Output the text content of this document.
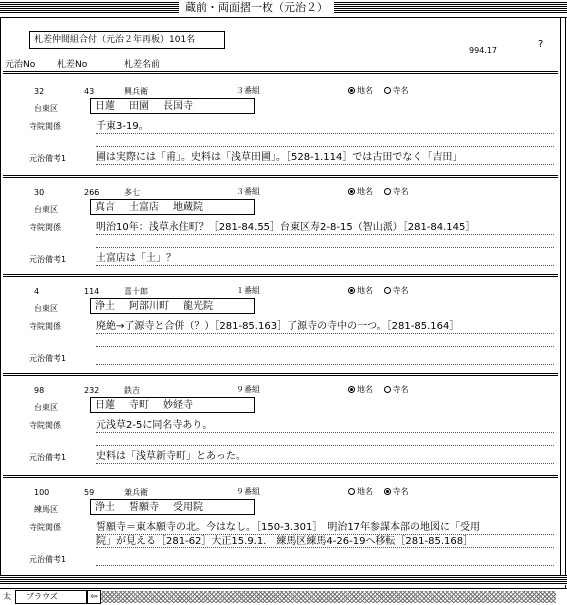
蔵前・両面摺一枚（元治２）
札差仲間組合付（元治２年再板）101名
994.17
?
元治No 札差No	札差名前
32	43	興兵衛	３番組	地名 寺名
台東区	日蓮 田園 長国寺
寺院関係	千東3-19。
元治備考1	圃は実際には「甫」。史料は「浅草田圃」。［528-1.114］では古田でなく「吉田」
30	266	多七	３番組	地名 寺名
台東区	真言 土富店 地蔵院
寺院関係	明治10年：浅草永住町？［281-84.55］台東区寿2-8-15（智山派）［281-84.145］
元治備考1	土富店は「土」？
4	114	喜十郎	１番組	地名 寺名
台東区	浄土 阿部川町 龍光院
寺院関係	廃絶→了源寺と合併（？）［281-85.163］了源寺の寺中の一つ。［281-85.164］
元治備考1
98	232	鉄吉	９番組	地名 寺名
台東区	日蓮 寺町 妙経寺
寺院関係	元浅草2-5に同名寺あり。
元治備考1	史料は「浅草新寺町」とあった。
100	59	兼兵衛	９番組	地名 寺名
練馬区	浄土 誓願寺 受用院
寺院関係	誓願寺＝東本願寺の北。今はなし。［150-3.301］　明治17年参謀本部の地図に「受用
院」が見える［281-62］大正15.9.1.　練馬区練馬4-26-19へ移転［281-85.168］
元治備考1
太 ブラウズ	⇦
